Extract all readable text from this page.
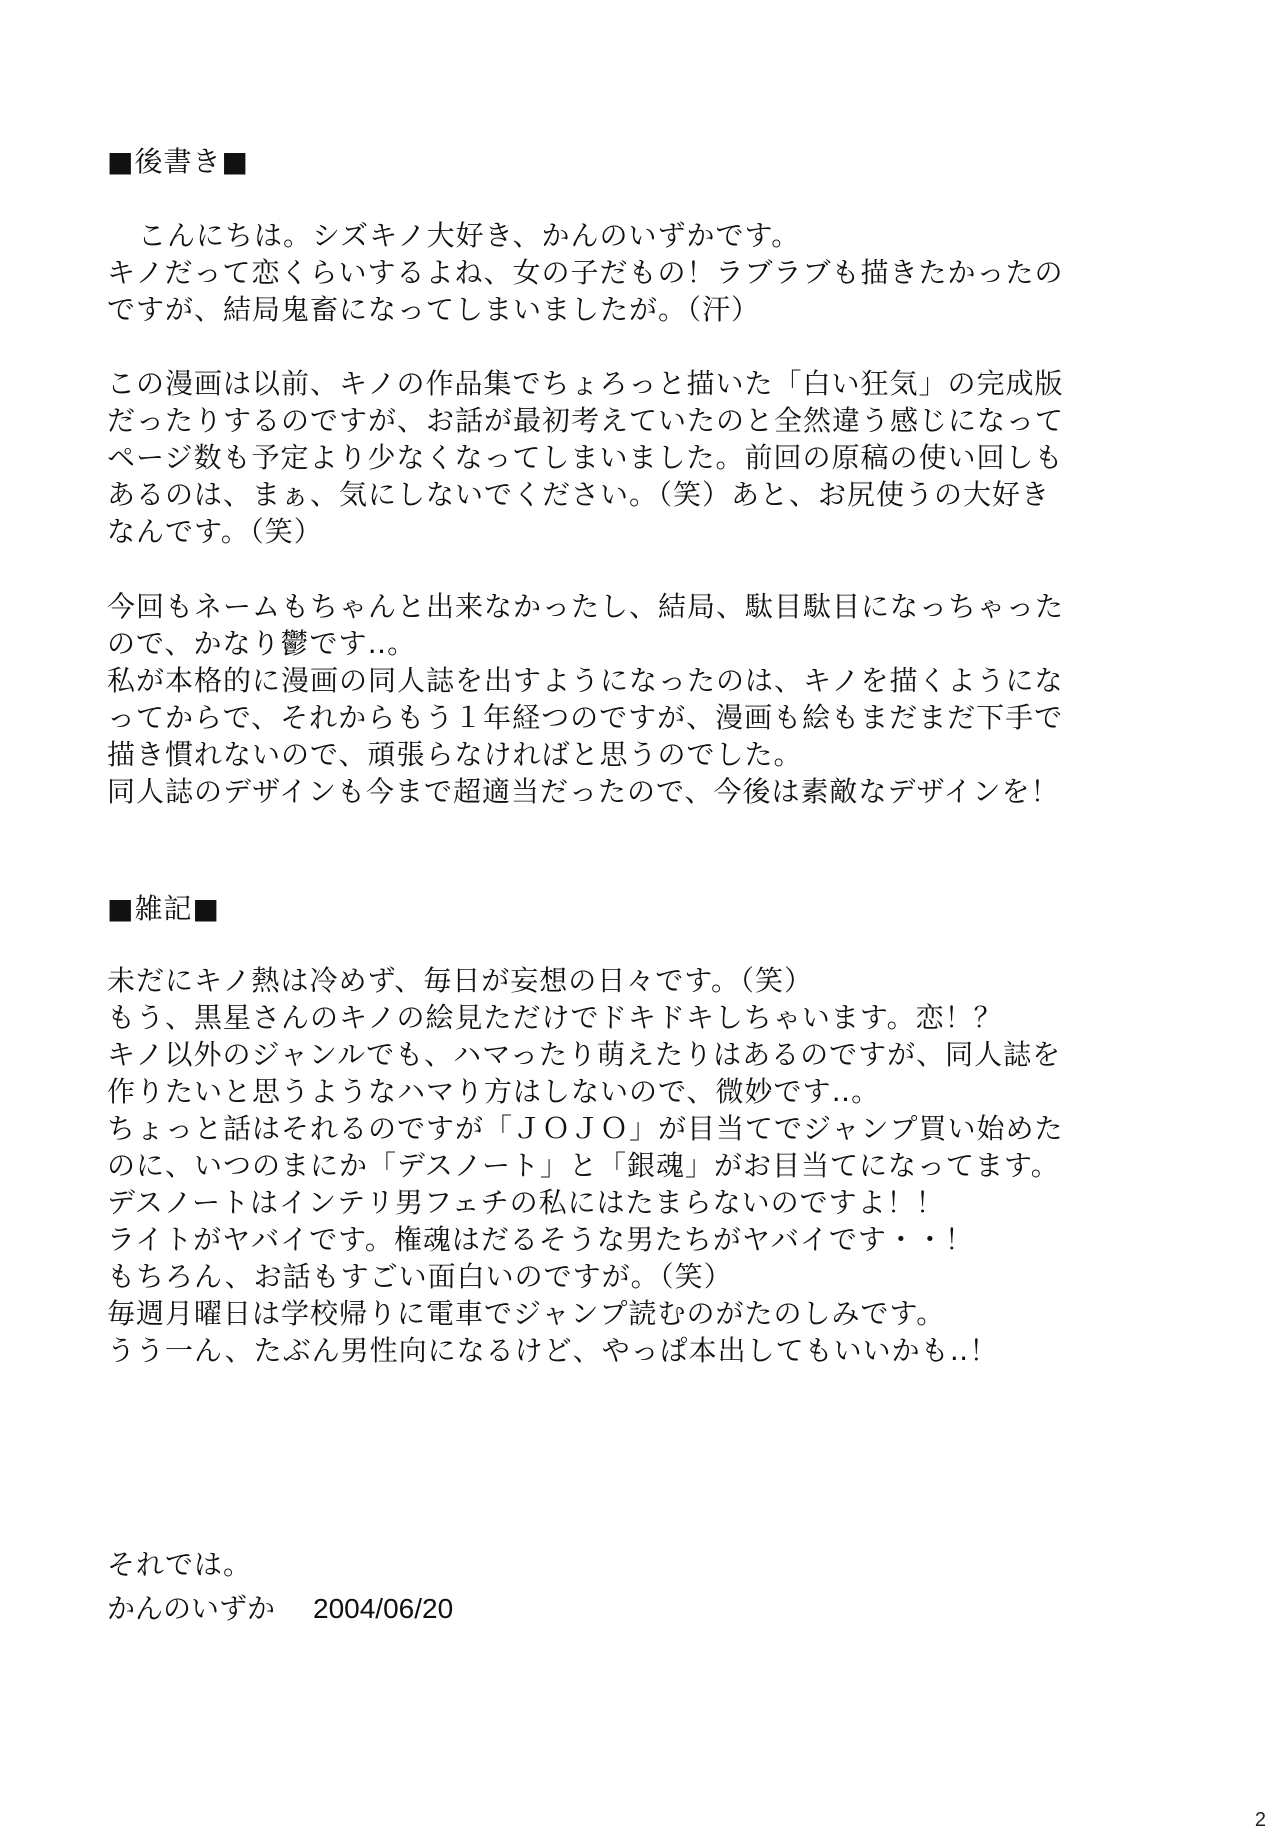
■後書き■
こんにちは。シズキノ大好き、かんのいずかです。
キノだって恋くらいするよね、女の子だもの！ラブラブも描きたかったの
ですが、結局鬼畜になってしまいましたが。（汗）
この漫画は以前、キノの作品集でちょろっと描いた「白い狂気」の完成版
だったりするのですが、お話が最初考えていたのと全然違う感じになって
ページ数も予定より少なくなってしまいました。前回の原稿の使い回しも
あるのは、まぁ、気にしないでください。（笑）あと、お尻使うの大好き
なんです。（笑）
今回もネームもちゃんと出来なかったし、結局、駄目駄目になっちゃった
ので、かなり鬱です‥。
私が本格的に漫画の同人誌を出すようになったのは、キノを描くようにな
ってからで、それからもう１年経つのですが、漫画も絵もまだまだ下手で
描き慣れないので、頑張らなければと思うのでした。
同人誌のデザインも今まで超適当だったので、今後は素敵なデザインを！
■雑記■
未だにキノ熱は冷めず、毎日が妄想の日々です。（笑）
もう、黒星さんのキノの絵見ただけでドキドキしちゃいます。恋！？
キノ以外のジャンルでも、ハマったり萌えたりはあるのですが、同人誌を
作りたいと思うようなハマり方はしないので、微妙です‥。
ちょっと話はそれるのですが「ＪＯＪＯ」が目当てでジャンプ買い始めた
のに、いつのまにか「デスノート」と「銀魂」がお目当てになってます。
デスノートはインテリ男フェチの私にはたまらないのですよ！！
ライトがヤバイです。権魂はだるそうな男たちがヤバイです・・！
もちろん、お話もすごい面白いのですが。（笑）
毎週月曜日は学校帰りに電車でジャンプ読むのがたのしみです。
うう一ん、たぶん男性向になるけど、やっぱ本出してもいいかも‥！
それでは。
かんのいずか 2004/06/20
2
